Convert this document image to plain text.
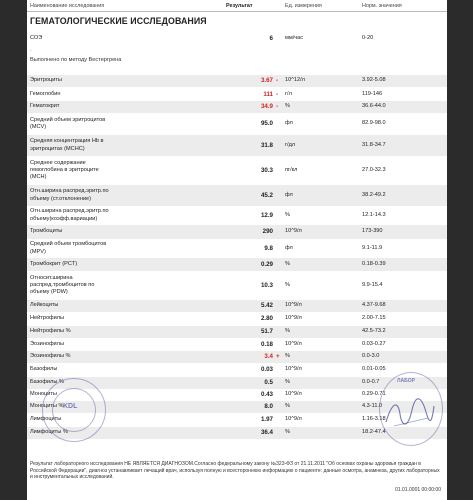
Наименование исследования	Результат	Ед. измерения	Норм. значения
ГЕМАТОЛОГИЧЕСКИЕ ИССЛЕДОВАНИЯ
СОЭ	6 мм/час	0-20
Эритроциты	3.67 -	10^12/л	3.92-5.08
Гемоглобин	111 -	г/л	119-146
Гематокрит	34.9 -	%	36.6-44.0
Средний объем эритроцитов
(MCV)	95.0 фл	82.9-98.0
Средняя концентрация Hb в
эритроцитах (MCHC)	31.8 г/дл	31.8-34.7
Среднее содержание
гемоглобина в эритроците
(MCH)
30.3 пг/кл	27.0-32.3
Отн.ширина распред.эритр.по
объему (ст.отклонение)	45.2 фл	38.2-49.2
Отн.ширина распред.эритр.по
объему(коэфф.вариации)	12.9 %	12.1-14.3
Тромбоциты	290 10^9/л	173-390
Средний объем тромбоцитов
(MPV)	9.8 фл	9.1-11.9
Тромбокрит (PCT)	0.29 %	0.18-0.39
Относит.ширина
распред.тромбоцитов по
объему (PDW)
10.3 %	9.9-15.4
Лейкоциты	5.42 10^9/л	4.37-9.68
Нейтрофилы	2.80 10^9/л	2.00-7.15
Нейтрофилы %	51.7 %	42.5-73.2
Эозинофилы	0.18 10^9/л	0.03-0.27
Эозинофилы %	3.4 + %	0.0-3.0
Базофилы	0.03 10^9/л	0.01-0.05
Базофилы %	0.5 %	0.0-0.7
Моноциты	0.43 10^9/л	0.29-0.71
Моноциты %	8.0 %	4.3-11.0
Лимфоциты	1.97 10^9/л	1.16-3.18
Лимфоциты %	36.4 %	18.2-47.4
.
Выполнено по методу Вестергрена
Результат лабораторного исследования НЕ ЯВЛЯЕТСЯ ДИАГНОЗОМ.Согласно федеральному закону №323-ФЗ от 21.11.2011 "Об основах охраны здоровья граждан в Российской Федерации", диагноз устанавливает лечащий врач, используя полную и всестороннюю информацию о пациенте: данные осмотра, анамнеза, других лабораторных и инструментальных исследований.
01.01.0001 00:00:00
KDL
ЛАБОР
